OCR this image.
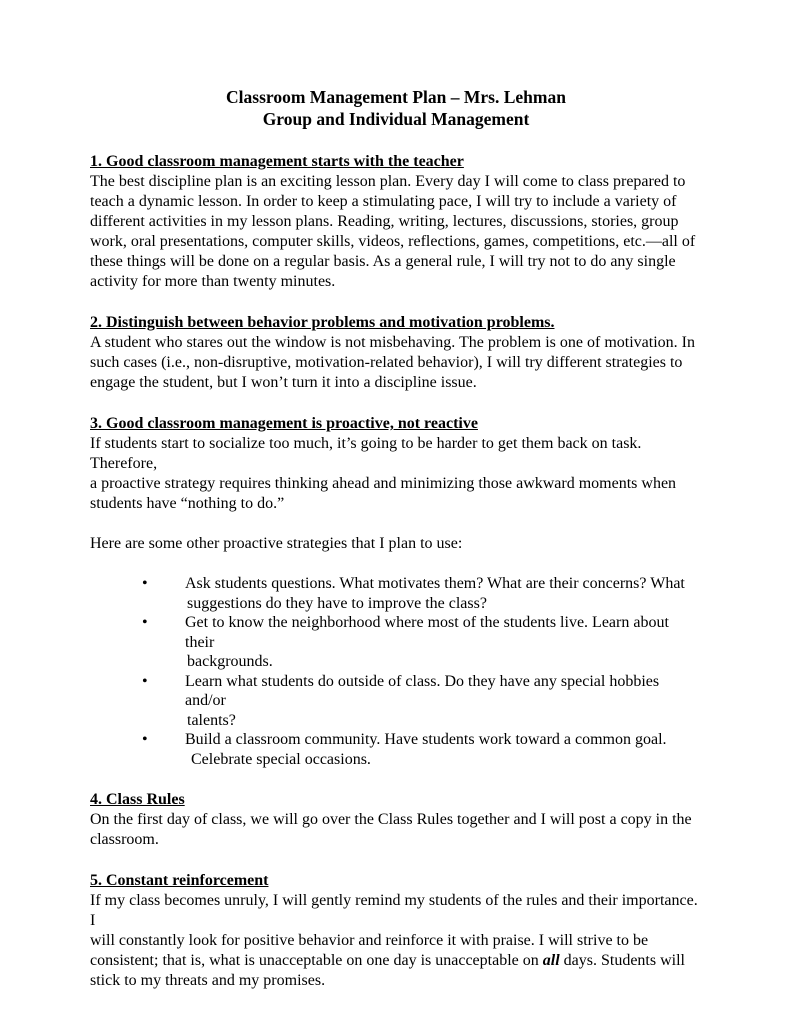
Classroom Management Plan – Mrs. Lehman
Group and Individual Management
1. Good classroom management starts with the teacher
The best discipline plan is an exciting lesson plan. Every day I will come to class prepared to
teach a dynamic lesson. In order to keep a stimulating pace, I will try to include a variety of
different activities in my lesson plans. Reading, writing, lectures, discussions, stories, group
work, oral presentations, computer skills, videos, reflections, games, competitions, etc.—all of
these things will be done on a regular basis. As a general rule, I will try not to do any single
activity for more than twenty minutes.
2. Distinguish between behavior problems and motivation problems.
A student who stares out the window is not misbehaving. The problem is one of motivation. In
such cases (i.e., non-disruptive, motivation-related behavior), I will try different strategies to
engage the student, but I won’t turn it into a discipline issue.
3. Good classroom management is proactive, not reactive
If students start to socialize too much, it’s going to be harder to get them back on task. Therefore,
a proactive strategy requires thinking ahead and minimizing those awkward moments when
students have “nothing to do.”
Here are some other proactive strategies that I plan to use:
• Ask students questions. What motivates them? What are their concerns? What
suggestions do they have to improve the class?
• Get to know the neighborhood where most of the students live. Learn about their
backgrounds.
• Learn what students do outside of class. Do they have any special hobbies and/or
talents?
• Build a classroom community. Have students work toward a common goal.
Celebrate special occasions.
4. Class Rules
On the first day of class, we will go over the Class Rules together and I will post a copy in the
classroom.
5. Constant reinforcement
If my class becomes unruly, I will gently remind my students of the rules and their importance. I
will constantly look for positive behavior and reinforce it with praise. I will strive to be
consistent; that is, what is unacceptable on one day is unacceptable on all days. Students will
stick to my threats and my promises.
